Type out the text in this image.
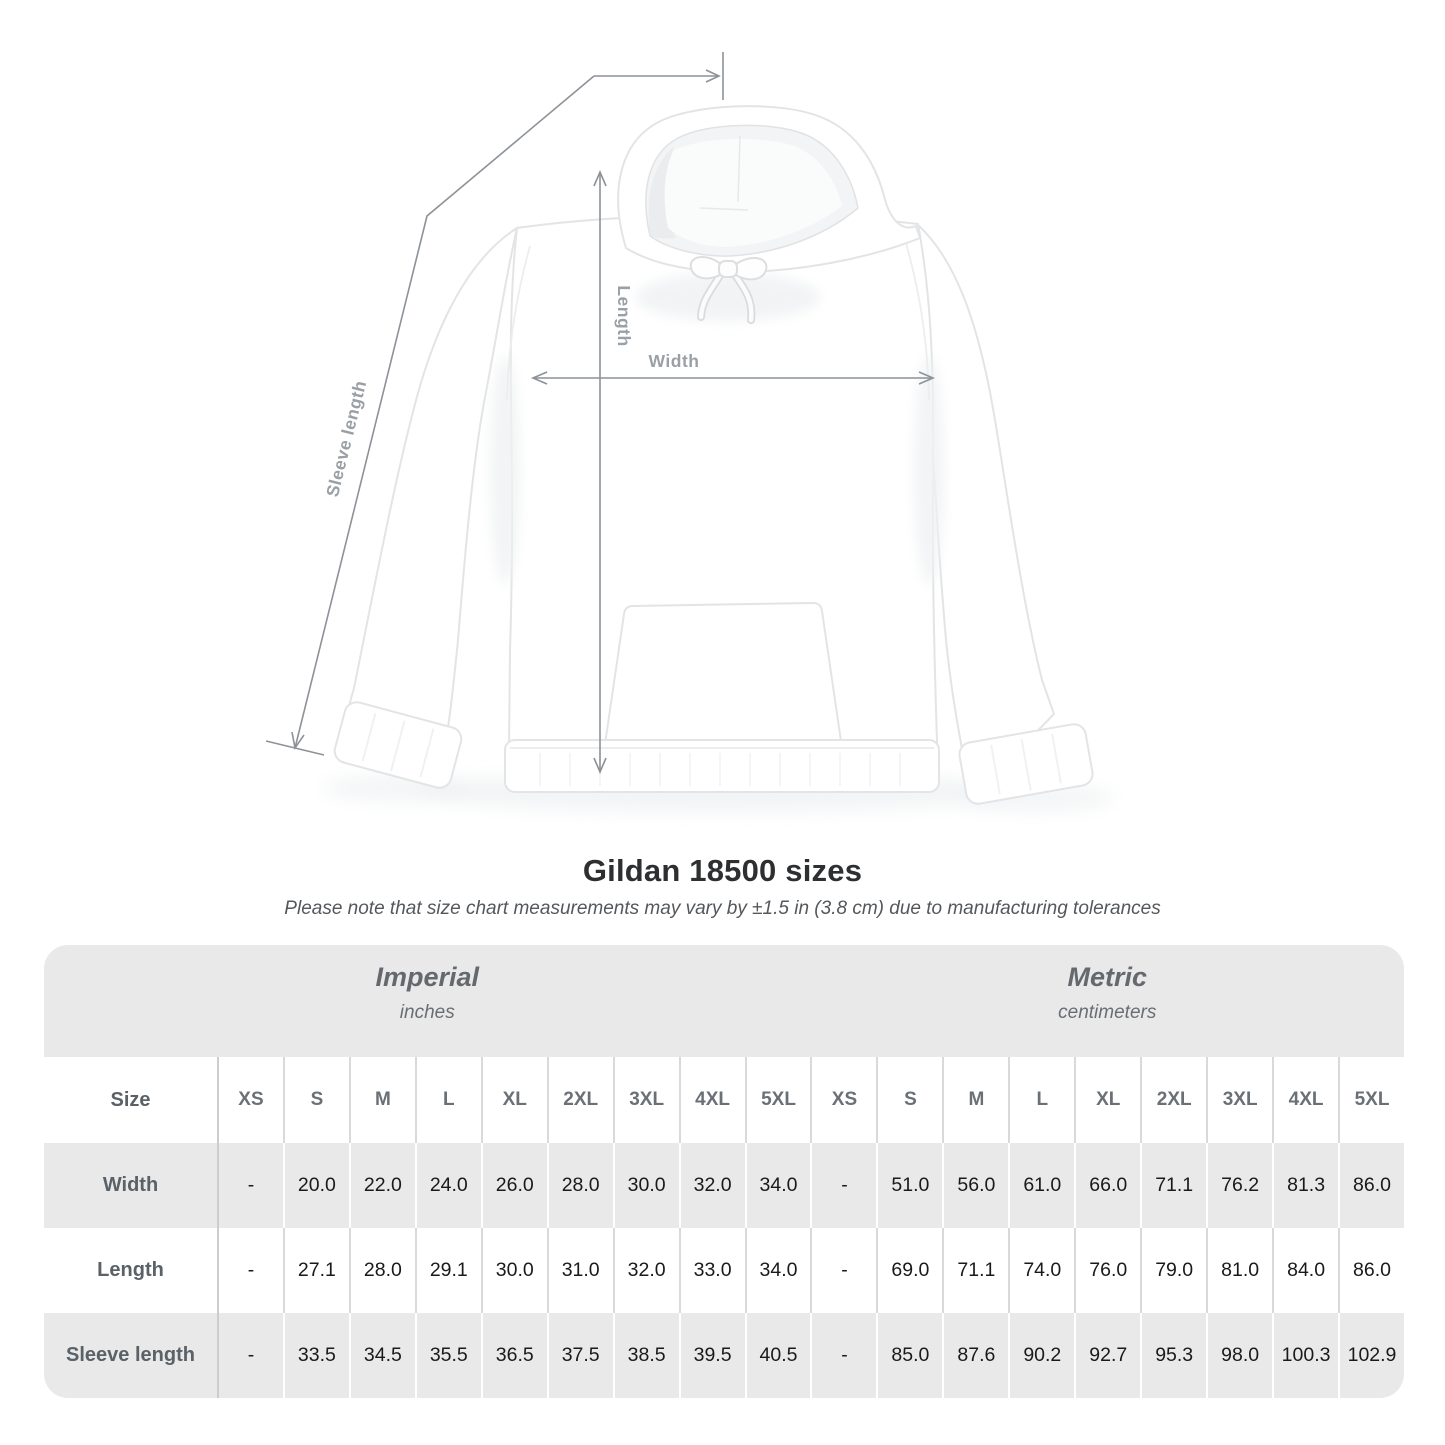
Length
Width
Sleeve length
Gildan 18500 sizes
Please note that size chart measurements may vary by ±1.5 in (3.8 cm) due to manufacturing tolerances
Imperial
inches
Metric
centimeters
Size	XS	S	M	L	XL	2XL	3XL	4XL	5XL	XS	S	M	L	XL	2XL	3XL	4XL	5XL
Width	-	20.0	22.0	24.0	26.0	28.0	30.0	32.0	34.0	-	51.0	56.0	61.0	66.0	71.1	76.2	81.3	86.0
Length	-	27.1	28.0	29.1	30.0	31.0	32.0	33.0	34.0	-	69.0	71.1	74.0	76.0	79.0	81.0	84.0	86.0
Sleeve length	-	33.5	34.5	35.5	36.5	37.5	38.5	39.5	40.5	-	85.0	87.6	90.2	92.7	95.3	98.0	100.3 102.9
